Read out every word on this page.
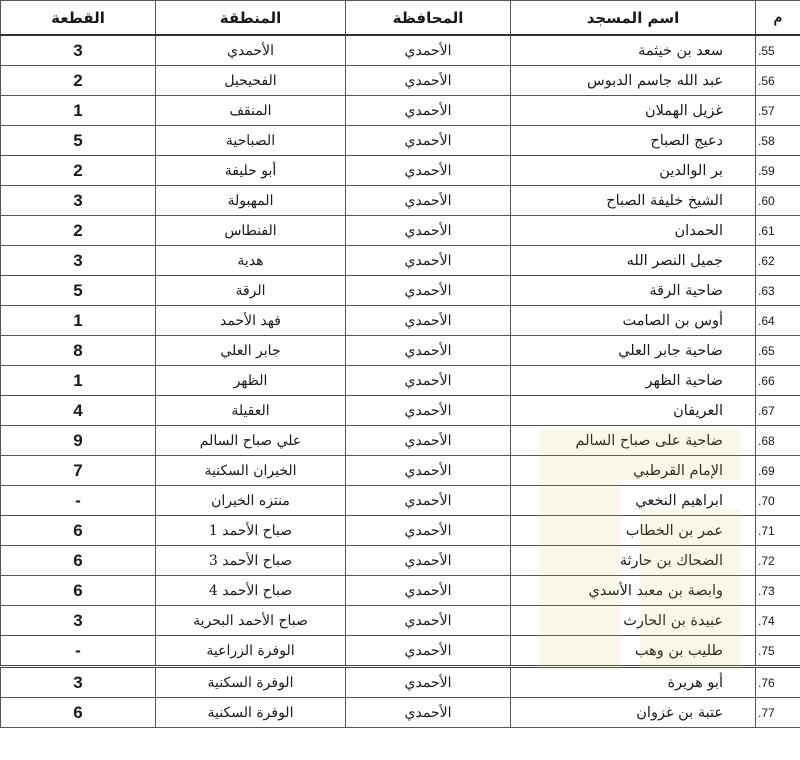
القطعة	المنطقة	المحافظة	اسم المسجد	م
3	الأحمدي	الأحمدي	سعد بن خيثمة	.55
2	الفحيحيل	الأحمدي	عبد الله جاسم الدبوس	.56
1	المنقف	الأحمدي	غزيل الهملان	.57
5	الصباحية	الأحمدي	دعيج الصباح	.58
2	أبو حليفة	الأحمدي	بر الوالدين	.59
3	المهبولة	الأحمدي	الشيخ خليفة الصباح	.60
2	الفنطاس	الأحمدي	الحمدان	.61
3	هدية	الأحمدي	جميل النصر الله	.62
5	الرقة	الأحمدي	ضاحية الرقة	.63
1	فهد الأحمد	الأحمدي	أوس بن الصامت	.64
8	جابر العلي	الأحمدي	ضاحية جابر العلي	.65
1	الظهر	الأحمدي	ضاحية الظهر	.66
4	العقيلة	الأحمدي	العريفان	.67
9	علي صباح السالم	الأحمدي	ضاحية على صباح السالم	.68
7	الخيران السكنية	الأحمدي	الإمام القرطبي	.69
-	منتزه الخيران	الأحمدي	ابراهيم النخعي	.70
6	صباح الأحمد 1	الأحمدي	عمر بن الخطاب	.71
6	صباح الأحمد 3	الأحمدي	الضحاك بن حارثة	.72
6	صباح الأحمد 4	الأحمدي	وابصة بن معبد الأسدي	.73
3	صباح الأحمد البحرية	الأحمدي	عبيدة بن الحارث	.74
-	الوفرة الزراعية	الأحمدي	طليب بن وهب	.75
3	الوفرة السكنية	الأحمدي	أبو هريرة	.76
6	الوفرة السكنية	الأحمدي	عتبة بن غزوان	.77
